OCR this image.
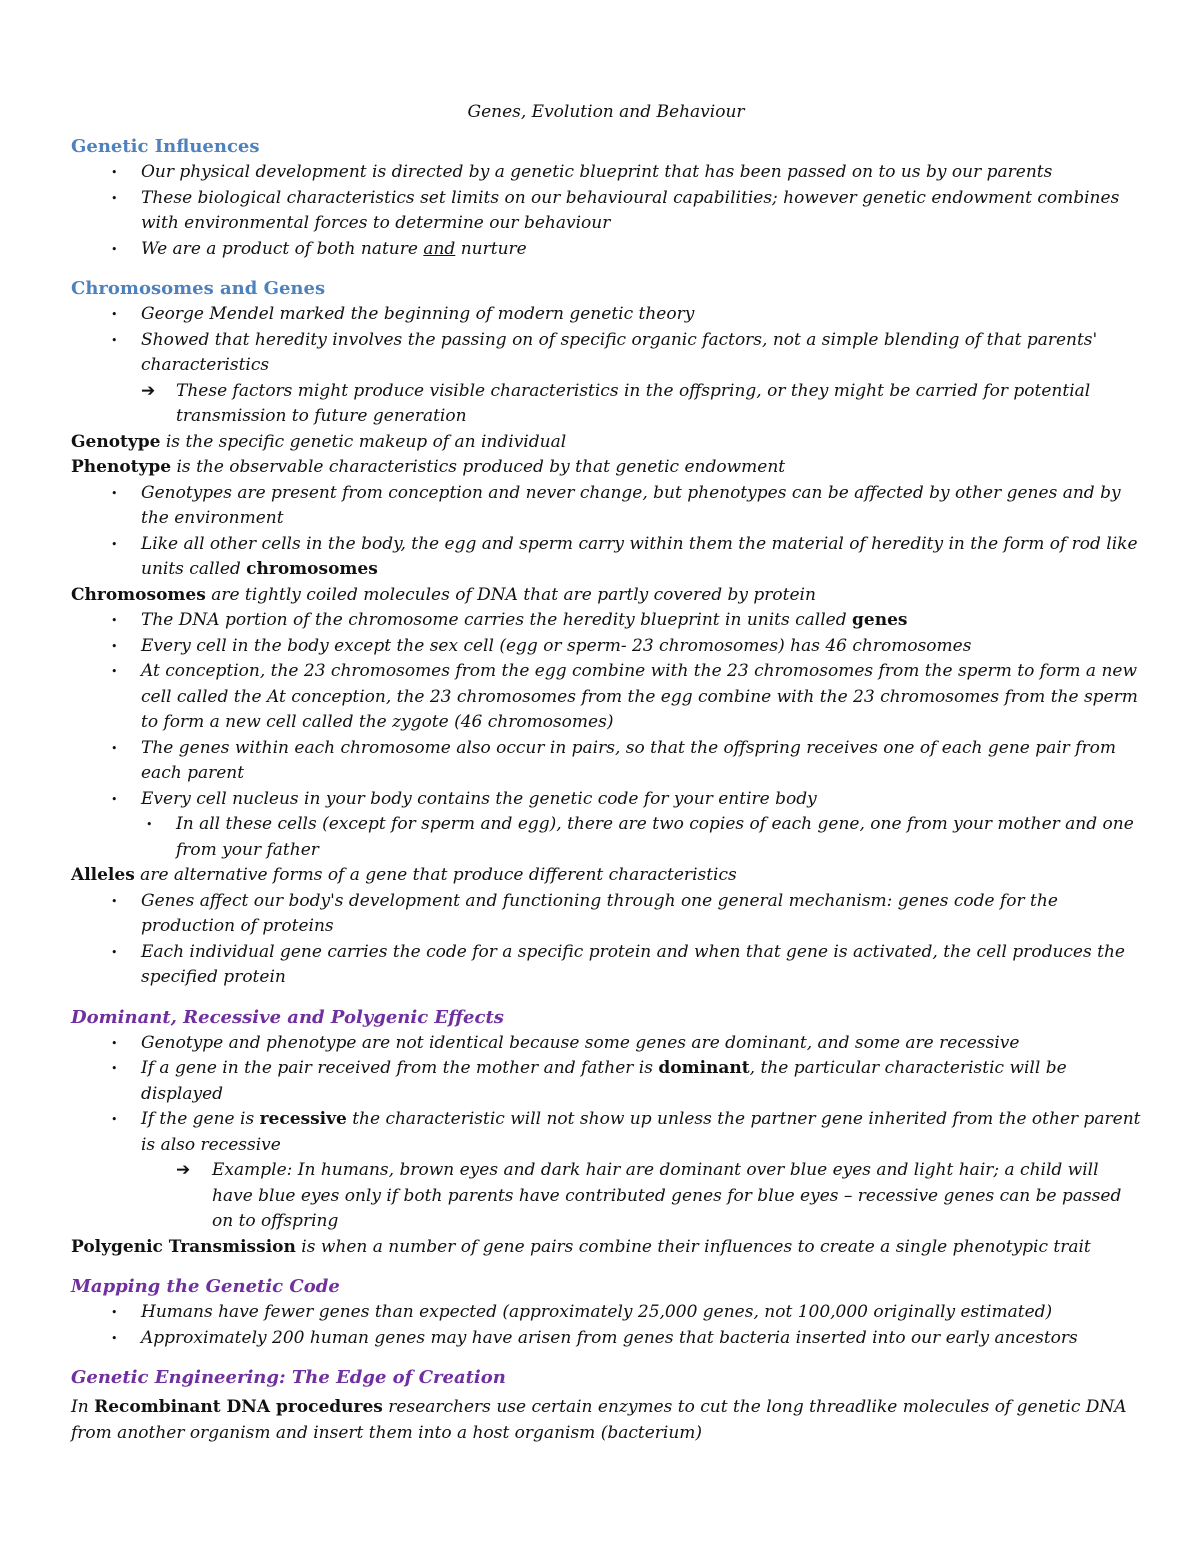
Genes, Evolution and Behaviour
Genetic Influences
• Our physical development is directed by a genetic blueprint that has been passed on to us by our parents
• These biological characteristics set limits on our behavioural capabilities; however genetic endowment combines with environmental forces to determine our behaviour
• We are a product of both nature and nurture
Chromosomes and Genes
• George Mendel marked the beginning of modern genetic theory
• Showed that heredity involves the passing on of specific organic factors, not a simple blending of that parents' characteristics
➔ These factors might produce visible characteristics in the offspring, or they might be carried for potential transmission to future generation

Genotype is the specific genetic makeup of an individual

Phenotype is the observable characteristics produced by that genetic endowment

• Genotypes are present from conception and never change, but phenotypes can be affected by other genes and by the environment
• Like all other cells in the body, the egg and sperm carry within them the material of heredity in the form of rod like units called chromosomes

Chromosomes are tightly coiled molecules of DNA that are partly covered by protein

• The DNA portion of the chromosome carries the heredity blueprint in units called genes
• Every cell in the body except the sex cell (egg or sperm- 23 chromosomes) has 46 chromosomes
• At conception, the 23 chromosomes from the egg combine with the 23 chromosomes from the sperm to form a new cell called the At conception, the 23 chromosomes from the egg combine with the 23 chromosomes from the sperm to form a new cell called the zygote (46 chromosomes)
• The genes within each chromosome also occur in pairs, so that the offspring receives one of each gene pair from each parent
• Every cell nucleus in your body contains the genetic code for your entire body
• In all these cells (except for sperm and egg), there are two copies of each gene, one from your mother and one from your father

Alleles are alternative forms of a gene that produce different characteristics

• Genes affect our body's development and functioning through one general mechanism: genes code for the production of proteins
• Each individual gene carries the code for a specific protein and when that gene is activated, the cell produces the specified protein
Dominant, Recessive and Polygenic Effects
• Genotype and phenotype are not identical because some genes are dominant, and some are recessive
• If a gene in the pair received from the mother and father is dominant, the particular characteristic will be displayed
• If the gene is recessive the characteristic will not show up unless the partner gene inherited from the other parent is also recessive
➔ Example: In humans, brown eyes and dark hair are dominant over blue eyes and light hair; a child will have blue eyes only if both parents have contributed genes for blue eyes – recessive genes can be passed on to offspring

Polygenic Transmission is when a number of gene pairs combine their influences to create a single phenotypic trait

Mapping the Genetic Code
• Humans have fewer genes than expected (approximately 25,000 genes, not 100,000 originally estimated)
• Approximately 200 human genes may have arisen from genes that bacteria inserted into our early ancestors
Genetic Engineering: The Edge of Creation

In Recombinant DNA procedures researchers use certain enzymes to cut the long threadlike molecules of genetic DNA from another organism and insert them into a host organism (bacterium)
